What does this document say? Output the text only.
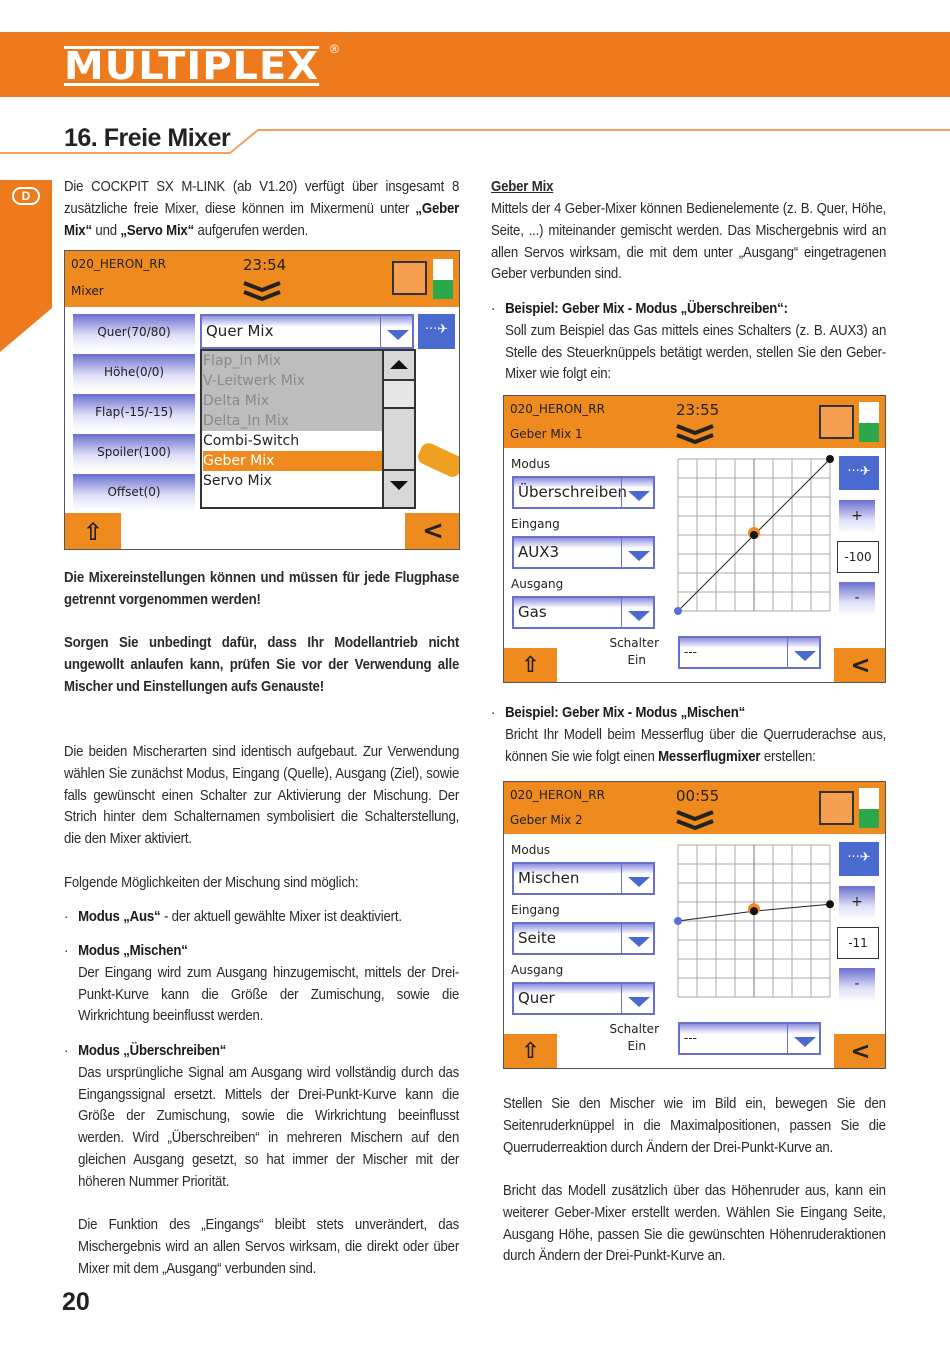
MULTIPLEX ®
16. Freie Mixer
D
Die COCKPIT SX M-LINK (ab V1.20) verfügt über insgesamt 8 zusätzliche freie Mixer, diese können im Mixermenü unter „Geber Mix“ und „Servo Mix“ aufgerufen werden.
020_HERON_RR
Mixer
23:54
Quer(70/80)
Höhe(0/0)
Flap(-15/-15)
Spoiler(100)
Offset(0)
Quer Mix	···✈
Flap_In Mix
V-Leitwerk Mix
Delta Mix
Delta_In Mix
Combi-Switch
Geber Mix
Servo Mix
⇧	<
Die Mixereinstellungen können und müssen für jede Flugphase getrennt vorgenommen werden!
Sorgen Sie unbedingt dafür, dass Ihr Modellantrieb nicht ungewollt anlaufen kann, prüfen Sie vor der Verwendung alle Mischer und Einstellungen aufs Genauste!
Die beiden Mischerarten sind identisch aufgebaut. Zur Verwendung wählen Sie zunächst Modus, Eingang (Quelle), Ausgang (Ziel), sowie falls gewünscht einen Schalter zur Aktivierung der Mischung. Der Strich hinter dem Schalternamen symbolisiert die Schalterstellung, die den Mixer aktiviert.
Folgende Möglichkeiten der Mischung sind möglich:
· Modus „Aus“ - der aktuell gewählte Mixer ist deaktiviert.
· Modus „Mischen“
Der Eingang wird zum Ausgang hinzugemischt, mittels der Drei-Punkt-Kurve kann die Größe der Zumischung, sowie die Wirkrichtung beeinflusst werden.
· Modus „Überschreiben“
Das ursprüngliche Signal am Ausgang wird vollständig durch das Eingangssignal ersetzt. Mittels der Drei-Punkt-Kurve kann die Größe der Zumischung, sowie die Wirkrichtung beeinflusst werden. Wird „Überschreiben“ in mehreren Mischern auf den gleichen Ausgang gesetzt, so hat immer der Mischer mit der höheren Nummer Priorität.
Die Funktion des „Eingangs“ bleibt stets unverändert, das Mischergebnis wird an allen Servos wirksam, die direkt oder über Mixer mit dem „Ausgang“ verbunden sind.
20
Geber Mix
Mittels der 4 Geber-Mixer können Bedienelemente (z. B. Quer, Höhe, Seite, ...) miteinander gemischt werden. Das Mischergebnis wird an allen Servos wirksam, die mit dem unter „Ausgang“ eingetragenen Geber verbunden sind.
· Beispiel: Geber Mix - Modus „Überschreiben“:
Soll zum Beispiel das Gas mittels eines Schalters (z. B. AUX3) an Stelle des Steuerknüppels betätigt werden, stellen Sie den Geber-Mixer wie folgt ein:
020_HERON_RR
Geber Mix 1
23:55
Modus
Überschreiben
Eingang
AUX3
Ausgang
Gas
···✈
+
-100
-
Schalter
Ein
---
⇧	<
· Beispiel: Geber Mix - Modus „Mischen“
Bricht Ihr Modell beim Messerflug über die Querruderachse aus, können Sie wie folgt einen Messerflugmixer erstellen:
020_HERON_RR
Geber Mix 2
00:55
Modus
Mischen
Eingang
Seite
Ausgang
Quer
···✈
+
-11
-
Schalter
Ein
---
⇧	<
Stellen Sie den Mischer wie im Bild ein, bewegen Sie den Seitenruderknüppel in die Maximalpositionen, passen Sie die Querruderreaktion durch Ändern der Drei-Punkt-Kurve an.
Bricht das Modell zusätzlich über das Höhenruder aus, kann ein weiterer Geber-Mixer erstellt werden. Wählen Sie Eingang Seite, Ausgang Höhe, passen Sie die gewünschten Höhenruderaktionen durch Ändern der Drei-Punkt-Kurve an.
